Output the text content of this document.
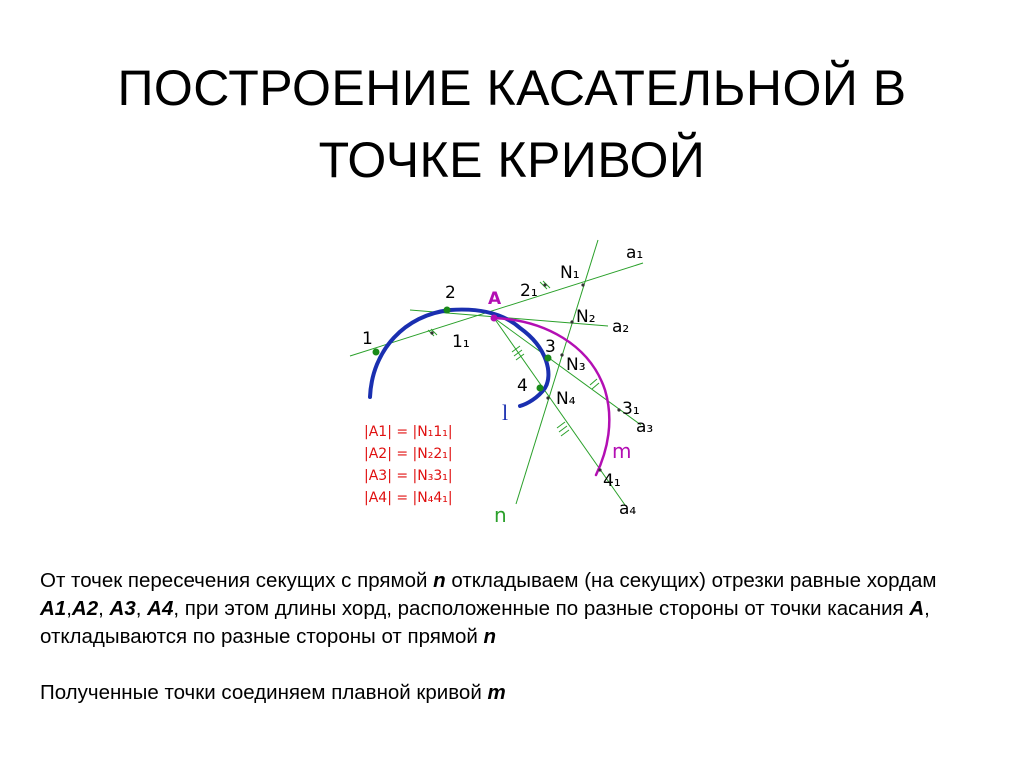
ПОСТРОЕНИЕ КАСАТЕЛЬНОЙ В
ТОЧКЕ КРИВОЙ
1
2 A
3
4
1₁
2₁
3₁
4₁
N₁
N₂
N₃
N₄
a₁
a₂
a₃
a₄
l
m
n
|A1| = |N₁1₁|
|A2| = |N₂2₁|
|A3| = |N₃3₁|
|A4| = |N₄4₁|

От точек пересечения секущих с прямой n откладываем (на секущих) отрезки равные хордам A1,A2, A3, A4, при этом длины хорд, расположенные по разные стороны от точки касания A, откладываются по разные стороны от прямой n

Полученные точки соединяем плавной кривой m
